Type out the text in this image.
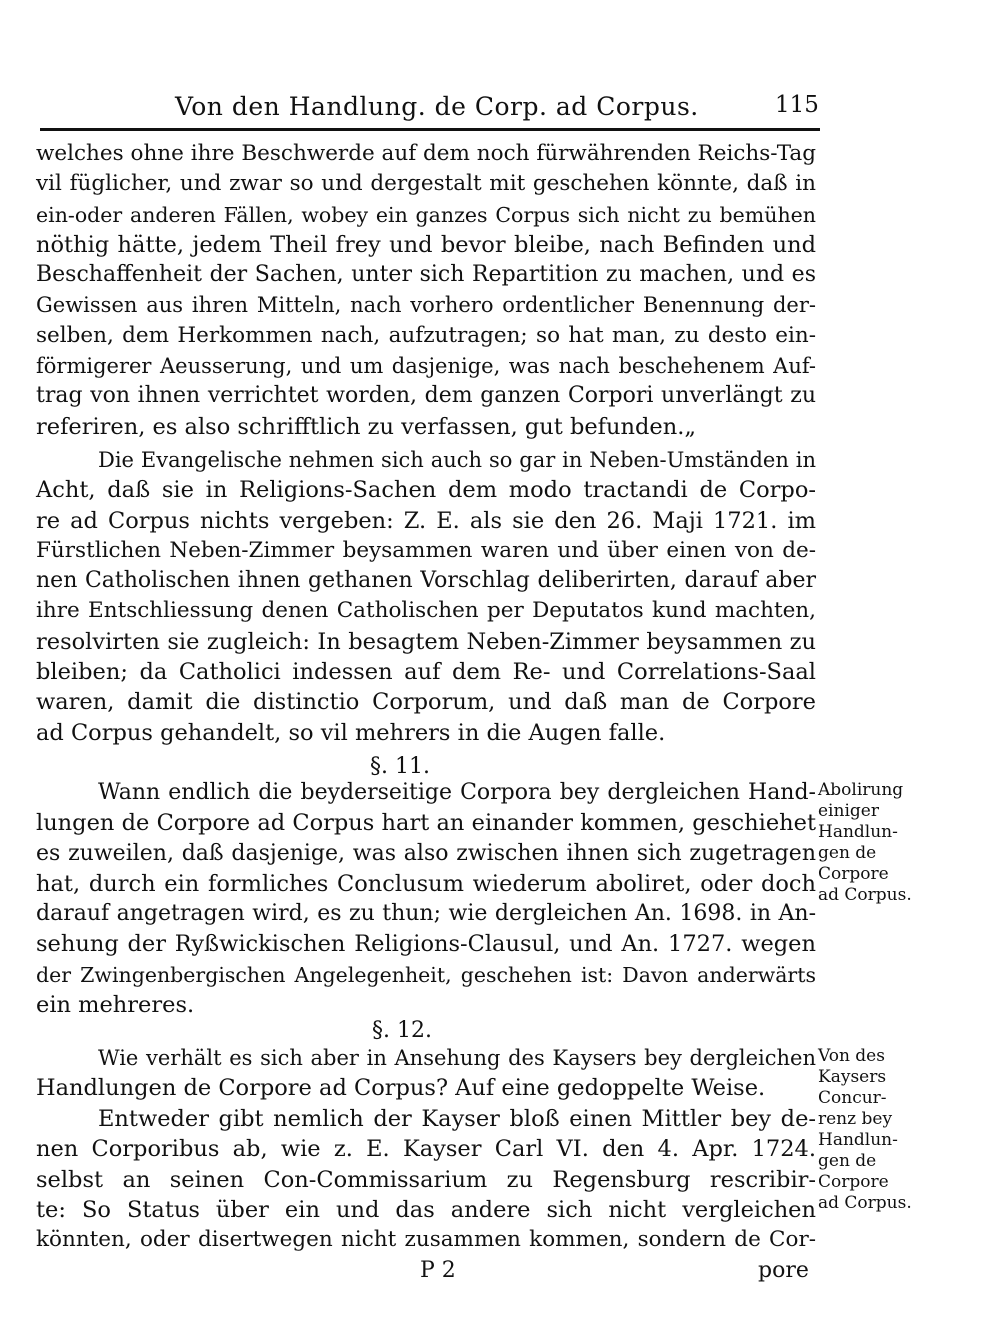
Von den Handlung. de Corp. ad Corpus.	115
welches ohne ihre Beschwerde auf dem noch fürwährenden Reichs-Tag
vil füglicher, und zwar so und dergestalt mit geschehen könnte, daß in
ein-oder anderen Fällen, wobey ein ganzes Corpus sich nicht zu bemühen
nöthig hätte, jedem Theil frey und bevor bleibe, nach Befinden und
Beschaffenheit der Sachen, unter sich Repartition zu machen, und es
Gewissen aus ihren Mitteln, nach vorhero ordentlicher Benennung der-
selben, dem Herkommen nach, aufzutragen; so hat man, zu desto ein-
förmigerer Aeusserung, und um dasjenige, was nach beschehenem Auf-
trag von ihnen verrichtet worden, dem ganzen Corpori unverlängt zu
referiren, es also schrifftlich zu verfassen, gut befunden.„
Die Evangelische nehmen sich auch so gar in Neben-Umständen in
Acht, daß sie in Religions-Sachen dem modo tractandi de Corpo-
re ad Corpus nichts vergeben: Z. E. als sie den 26. Maji 1721. im
Fürstlichen Neben-Zimmer beysammen waren und über einen von de-
nen Catholischen ihnen gethanen Vorschlag deliberirten, darauf aber
ihre Entschliessung denen Catholischen per Deputatos kund machten,
resolvirten sie zugleich: In besagtem Neben-Zimmer beysammen zu
bleiben; da Catholici indessen auf dem Re- und Correlations-Saal
waren, damit die distinctio Corporum, und daß man de Corpore
ad Corpus gehandelt, so vil mehrers in die Augen falle.
§. 11.
Wann endlich die beyderseitige Corpora bey dergleichen Hand-
lungen de Corpore ad Corpus hart an einander kommen, geschiehet
es zuweilen, daß dasjenige, was also zwischen ihnen sich zugetragen
hat, durch ein formliches Conclusum wiederum aboliret, oder doch
darauf angetragen wird, es zu thun; wie dergleichen An. 1698. in An-
sehung der Ryßwickischen Religions-Clausul, und An. 1727. wegen
der Zwingenbergischen Angelegenheit, geschehen ist: Davon anderwärts
ein mehreres.
Abolirung
einiger
Handlun-
gen de
Corpore
ad Corpus.
§. 12.
Wie verhält es sich aber in Ansehung des Kaysers bey dergleichen
Handlungen de Corpore ad Corpus? Auf eine gedoppelte Weise.
Entweder gibt nemlich der Kayser bloß einen Mittler bey de-
nen Corporibus ab, wie z. E. Kayser Carl VI. den 4. Apr. 1724.
selbst an seinen Con-Commissarium zu Regensburg rescribir-
te: So Status über ein und das andere sich nicht vergleichen
könnten, oder disertwegen nicht zusammen kommen, sondern de Cor-
Von des
Kaysers
Concur-
renz bey
Handlun-
gen de
Corpore
ad Corpus.
P 2	pore
